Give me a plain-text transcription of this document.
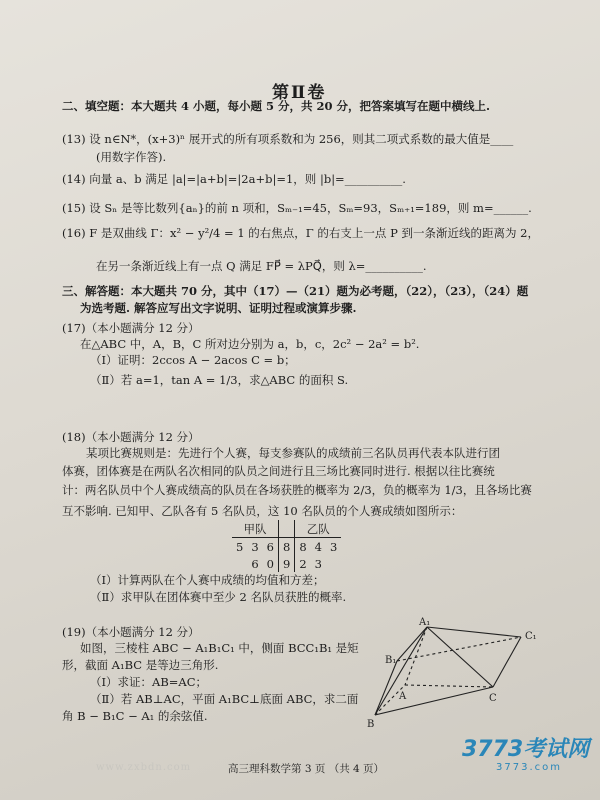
第Ⅱ卷
二、填空题：本大题共 4 小题，每小题 5 分，共 20 分，把答案填写在题中横线上.
(13) 设 n∈N*，(x+3)ⁿ 展开式的所有项系数和为 256，则其二项式系数的最大值是____
(用数字作答).
(14) 向量 a、b 满足 |a|=|a+b|=|2a+b|=1，则 |b|=__________.
(15) 设 Sₙ 是等比数列{aₙ}的前 n 项和，Sₘ₋₁=45，Sₘ=93，Sₘ₊₁=189，则 m=______.
(16) F 是双曲线 Γ：x² − y²/4 = 1 的右焦点，Γ 的右支上一点 P 到一条渐近线的距离为 2，
在另一条渐近线上有一点 Q 满足 FP⃗ = λPQ⃗，则 λ=__________.
三、解答题：本大题共 70 分，其中（17）—（21）题为必考题，（22），（23），（24）题
为选考题. 解答应写出文字说明、证明过程或演算步骤.
(17)（本小题满分 12 分）
在△ABC 中，A，B，C 所对边分别为 a，b，c，2c² − 2a² = b².
（Ⅰ）证明：2ccos A − 2acos C = b；
（Ⅱ）若 a=1，tan A = 1/3，求△ABC 的面积 S.
(18)（本小题满分 12 分）
某项比赛规则是：先进行个人赛，每支参赛队的成绩前三名队员再代表本队进行团
体赛，团体赛是在两队名次相同的队员之间进行且三场比赛同时进行. 根据以往比赛统
计：两名队员中个人赛成绩高的队员在各场获胜的概率为 2/3，负的概率为 1/3，且各场比赛
互不影响. 已知甲、乙队各有 5 名队员，这 10 名队员的个人赛成绩如图所示：
甲队				乙队		
5	3	6	8	8	4	3
	6	0	9	2	3	
（Ⅰ）计算两队在个人赛中成绩的均值和方差；
（Ⅱ）求甲队在团体赛中至少 2 名队员获胜的概率.
(19)（本小题满分 12 分）
如图，三棱柱 ABC − A₁B₁C₁ 中，侧面 BCC₁B₁ 是矩
形，截面 A₁BC 是等边三角形.
（Ⅰ）求证：AB=AC；
（Ⅱ）若 AB⊥AC，平面 A₁BC⊥底面 ABC，求二面
角 B − B₁C − A₁ 的余弦值.
A₁
C₁
B₁
A
B
C
www.zxbdn.com	高三理科数学第 3 页 （共 4 页）
3773考试网
3773.com
